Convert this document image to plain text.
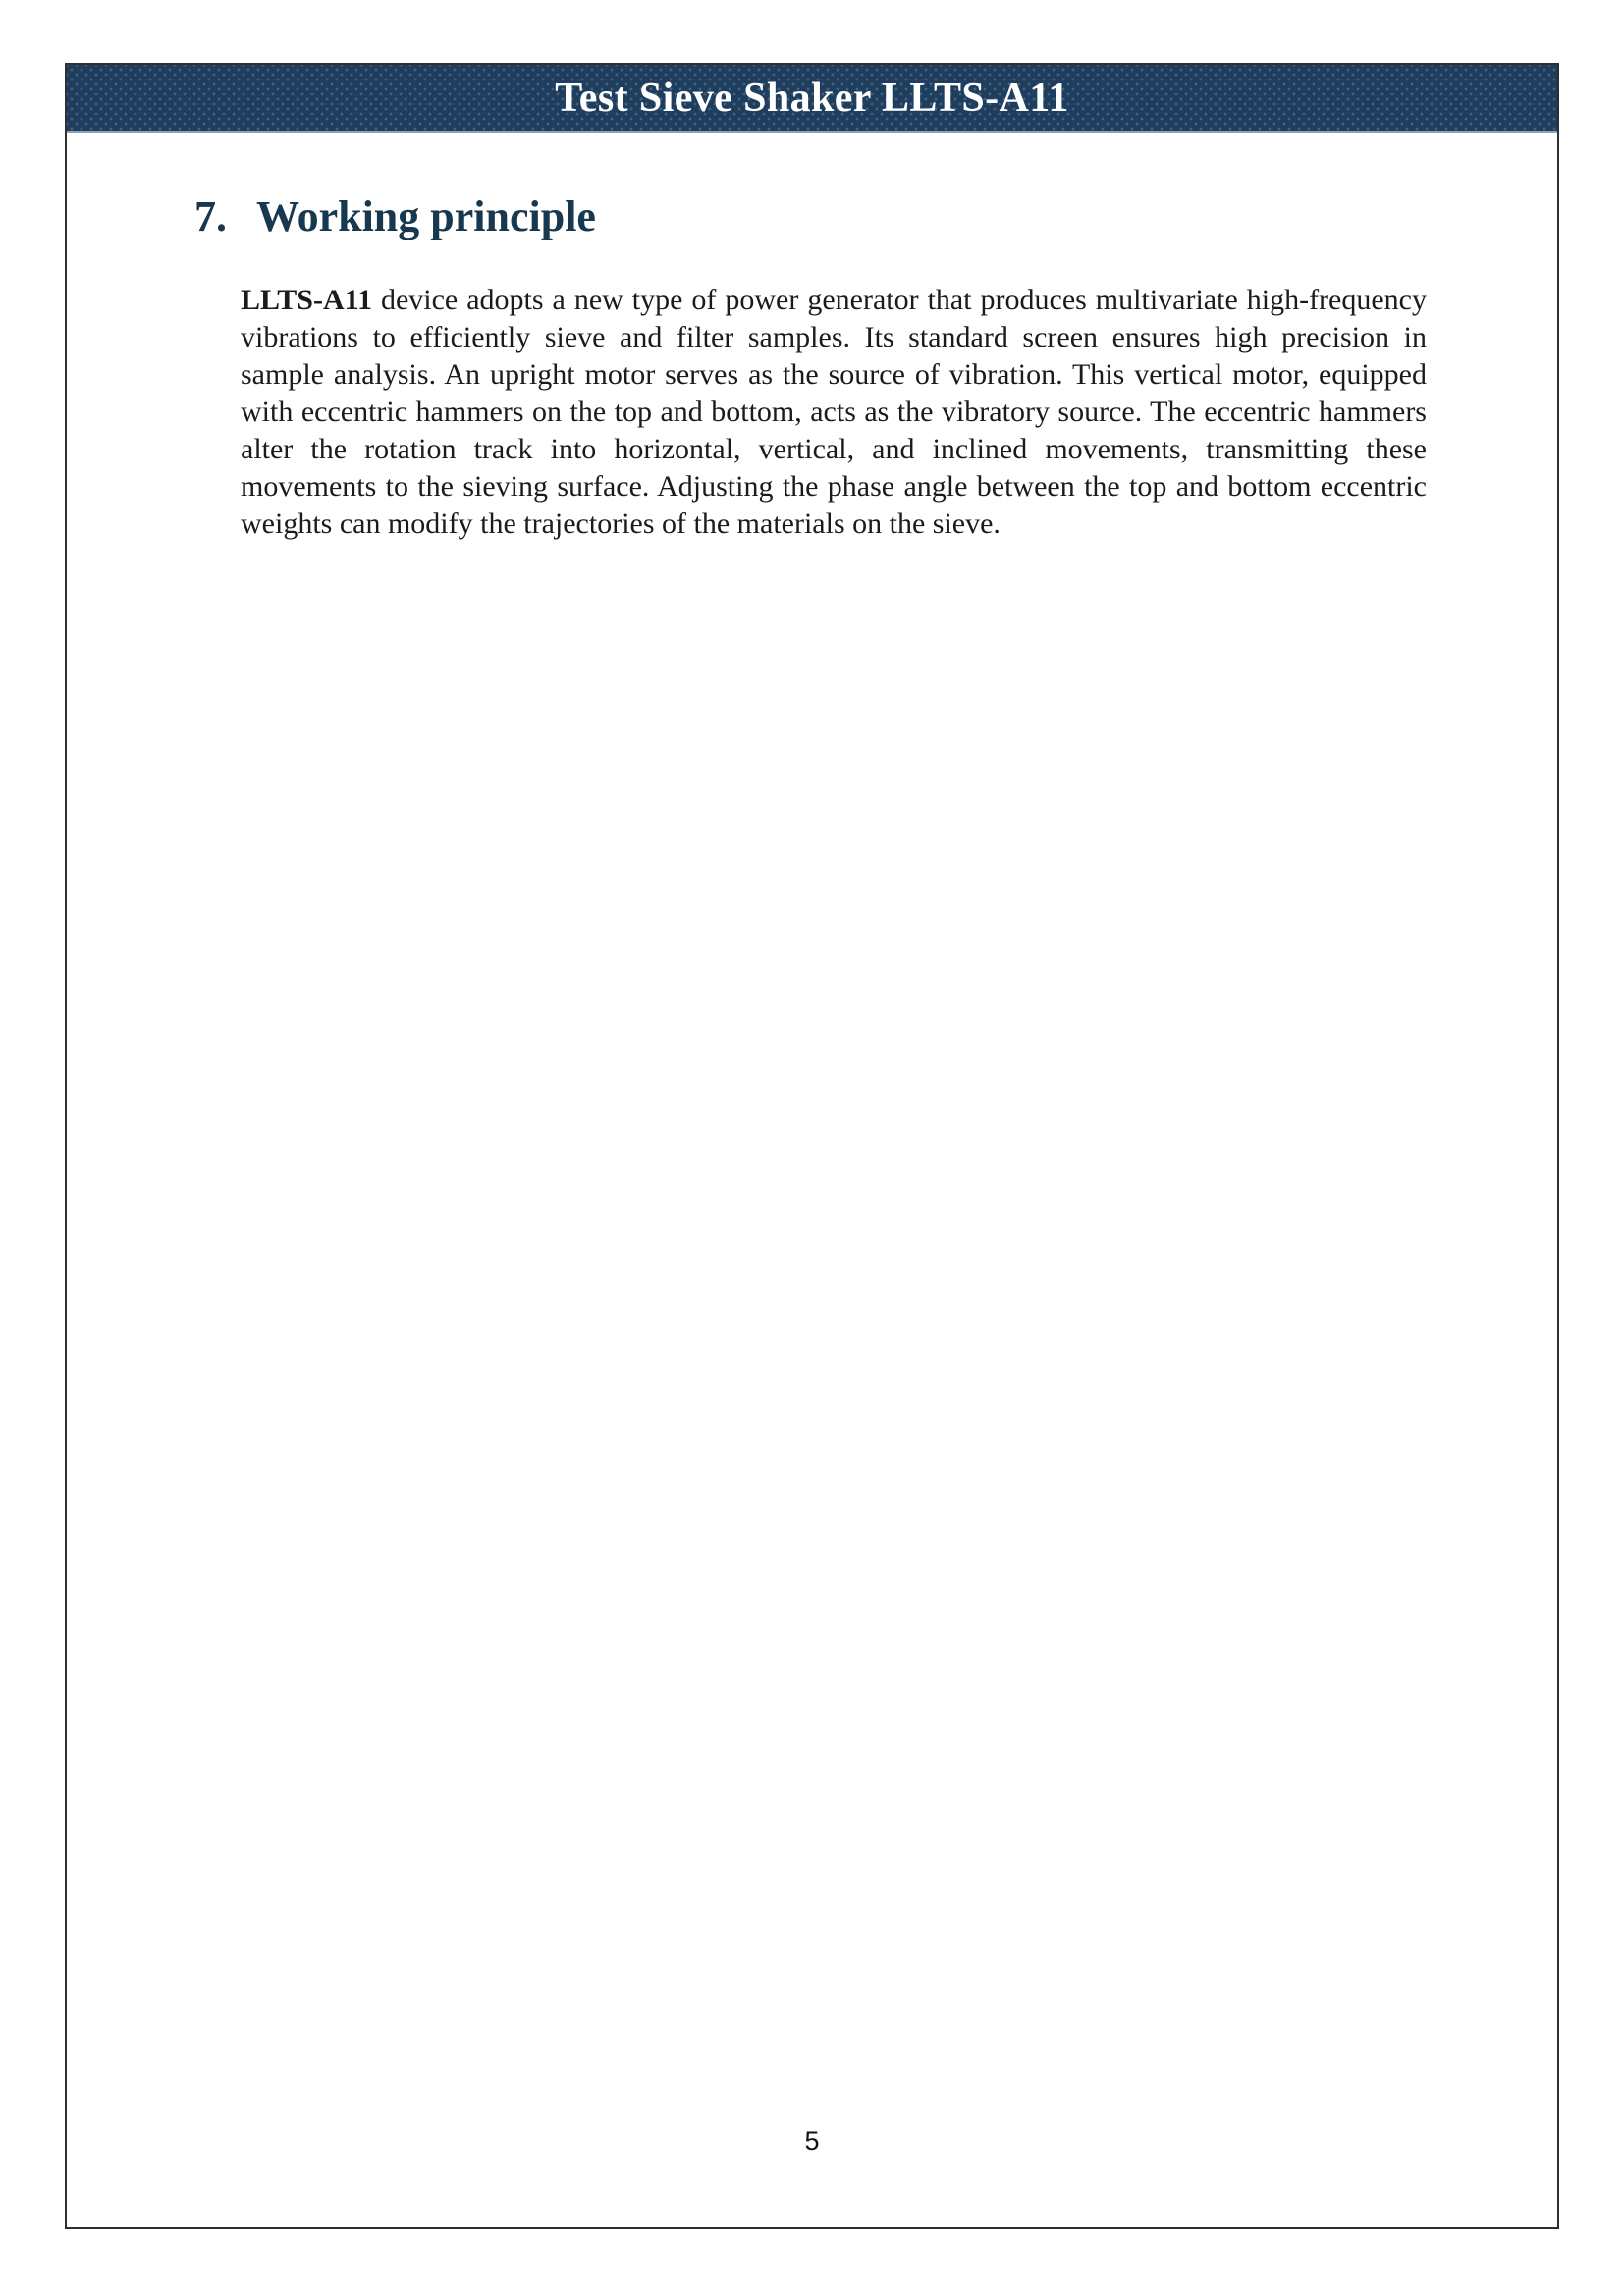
Test Sieve Shaker LLTS-A11
7. Working principle

LLTS-A11 device adopts a new type of power generator that produces multivariate high-frequency vibrations to efficiently sieve and filter samples. Its standard screen ensures high precision in sample analysis. An upright motor serves as the source of vibration. This vertical motor, equipped with eccentric hammers on the top and bottom, acts as the vibratory source. The eccentric hammers alter the rotation track into horizontal, vertical, and inclined movements, transmitting these movements to the sieving surface. Adjusting the phase angle between the top and bottom eccentric weights can modify the trajectories of the materials on the sieve.

5
